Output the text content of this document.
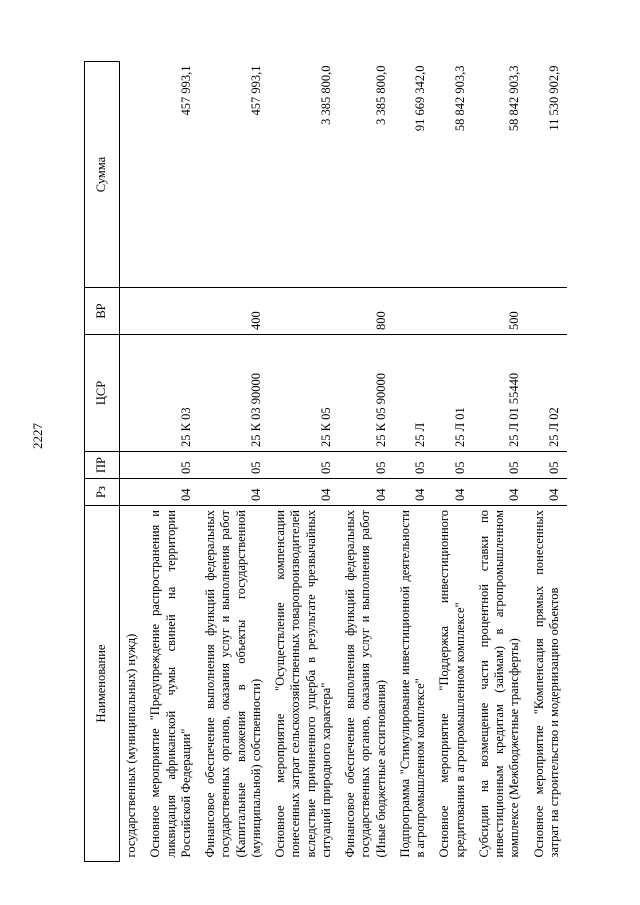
2227
Наименование	Рз	ПР	ЦСР	ВР	Сумма
государственных (муниципальных) нужд)					
Основное мероприятие "Предупреждение распространения и ликвидация африканской чумы свиней на территории Российской Федерации"	04	05	25 К 03		457 993,1
Финансовое обеспечение выполнения функций федеральных государственных органов, оказания услуг и выполнения работ (Капитальные вложения в объекты государственной (муниципальной) собственности)	04	05	25 К 03 90000	400	457 993,1
Основное мероприятие "Осуществление компенсации понесенных затрат сельскохозяйственных товаропроизводителей вследствие причиненного ущерба в результате чрезвычайных ситуаций природного характера"	04	05	25 К 05		3 385 800,0
Финансовое обеспечение выполнения функций федеральных государственных органов, оказания услуг и выполнения работ (Иные бюджетные ассигнования)	04	05	25 К 05 90000	800	3 385 800,0
Подпрограмма "Стимулирование инвестиционной деятельности в агропромышленном комплексе"	04	05	25 Л		91 669 342,0
Основное мероприятие "Поддержка инвестиционного кредитования в агропромышленном комплексе"	04	05	25 Л 01		58 842 903,3
Субсидии на возмещение части процентной ставки по инвестиционным кредитам (займам) в агропромышленном комплексе (Межбюджетные трансферты)	04	05	25 Л 01 55440	500	58 842 903,3
Основное мероприятие "Компенсация прямых понесенных затрат на строительство и модернизацию объектов	04	05	25 Л 02		11 530 902,9
